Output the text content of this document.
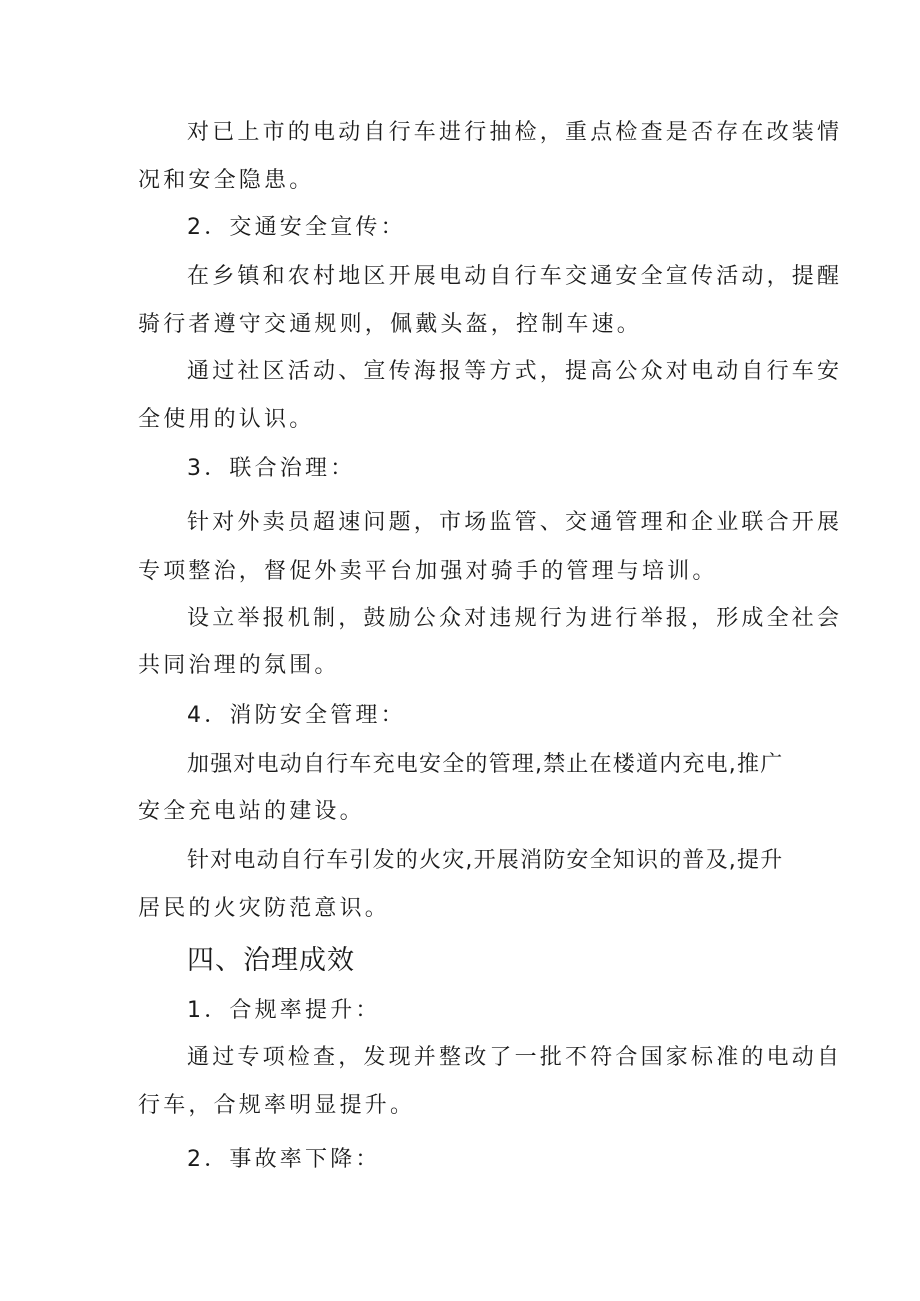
对已上市的电动自行车进行抽检，重点检查是否存在改装情
况和安全隐患。
2．交通安全宣传：
在乡镇和农村地区开展电动自行车交通安全宣传活动，提醒
骑行者遵守交通规则，佩戴头盔，控制车速。
通过社区活动、宣传海报等方式，提高公众对电动自行车安
全使用的认识。
3．联合治理：
针对外卖员超速问题，市场监管、交通管理和企业联合开展
专项整治，督促外卖平台加强对骑手的管理与培训。
设立举报机制，鼓励公众对违规行为进行举报，形成全社会
共同治理的氛围。
4．消防安全管理：
加强对电动自行车充电安全的管理,禁止在楼道内充电,推广
安全充电站的建设。
针对电动自行车引发的火灾,开展消防安全知识的普及,提升
居民的火灾防范意识。
四、治理成效
1．合规率提升：
通过专项检查，发现并整改了一批不符合国家标准的电动自
行车，合规率明显提升。
2．事故率下降：
